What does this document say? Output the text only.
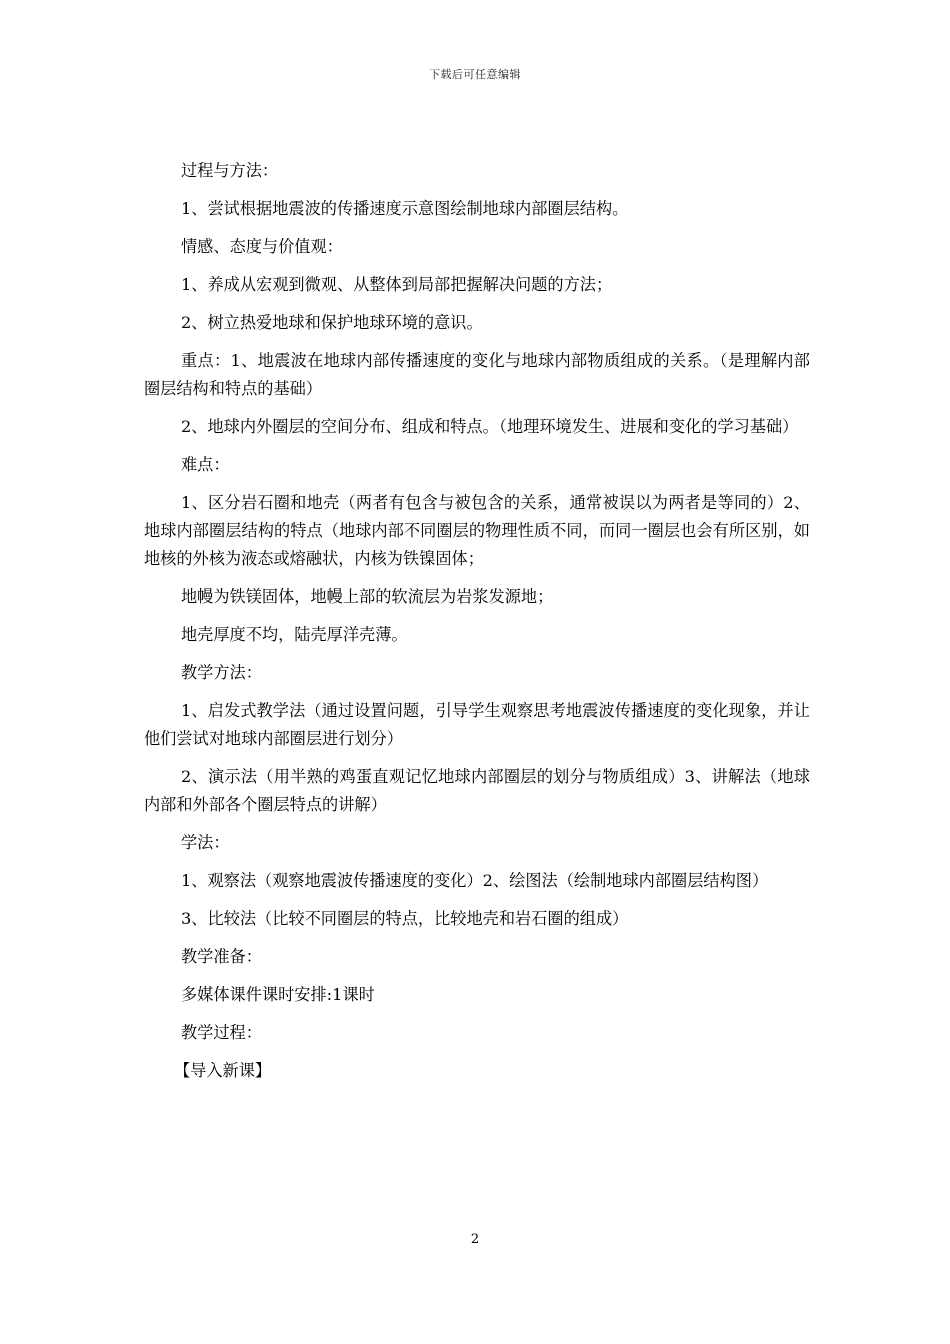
下载后可任意编辑

过程与方法：

1、尝试根据地震波的传播速度示意图绘制地球内部圈层结构。

情感、态度与价值观：

1、养成从宏观到微观、从整体到局部把握解决问题的方法；

2、树立热爱地球和保护地球环境的意识。

重点：1、地震波在地球内部传播速度的变化与地球内部物质组成的关系。（是理解内部圈层结构和特点的基础）

2、地球内外圈层的空间分布、组成和特点。（地理环境发生、进展和变化的学习基础）

难点：

1、区分岩石圈和地壳（两者有包含与被包含的关系，通常被误以为两者是等同的）2、地球内部圈层结构的特点（地球内部不同圈层的物理性质不同，而同一圈层也会有所区别，如地核的外核为液态或熔融状，内核为铁镍固体；

地幔为铁镁固体，地幔上部的软流层为岩浆发源地；

地壳厚度不均，陆壳厚洋壳薄。

教学方法：

1、启发式教学法（通过设置问题，引导学生观察思考地震波传播速度的变化现象，并让他们尝试对地球内部圈层进行划分）

2、演示法（用半熟的鸡蛋直观记忆地球内部圈层的划分与物质组成）3、讲解法（地球内部和外部各个圈层特点的讲解）

学法：

1、观察法（观察地震波传播速度的变化）2、绘图法（绘制地球内部圈层结构图）

3、比较法（比较不同圈层的特点，比较地壳和岩石圈的组成）

教学准备：

多媒体课件课时安排:1课时

教学过程：

【导入新课】

2
